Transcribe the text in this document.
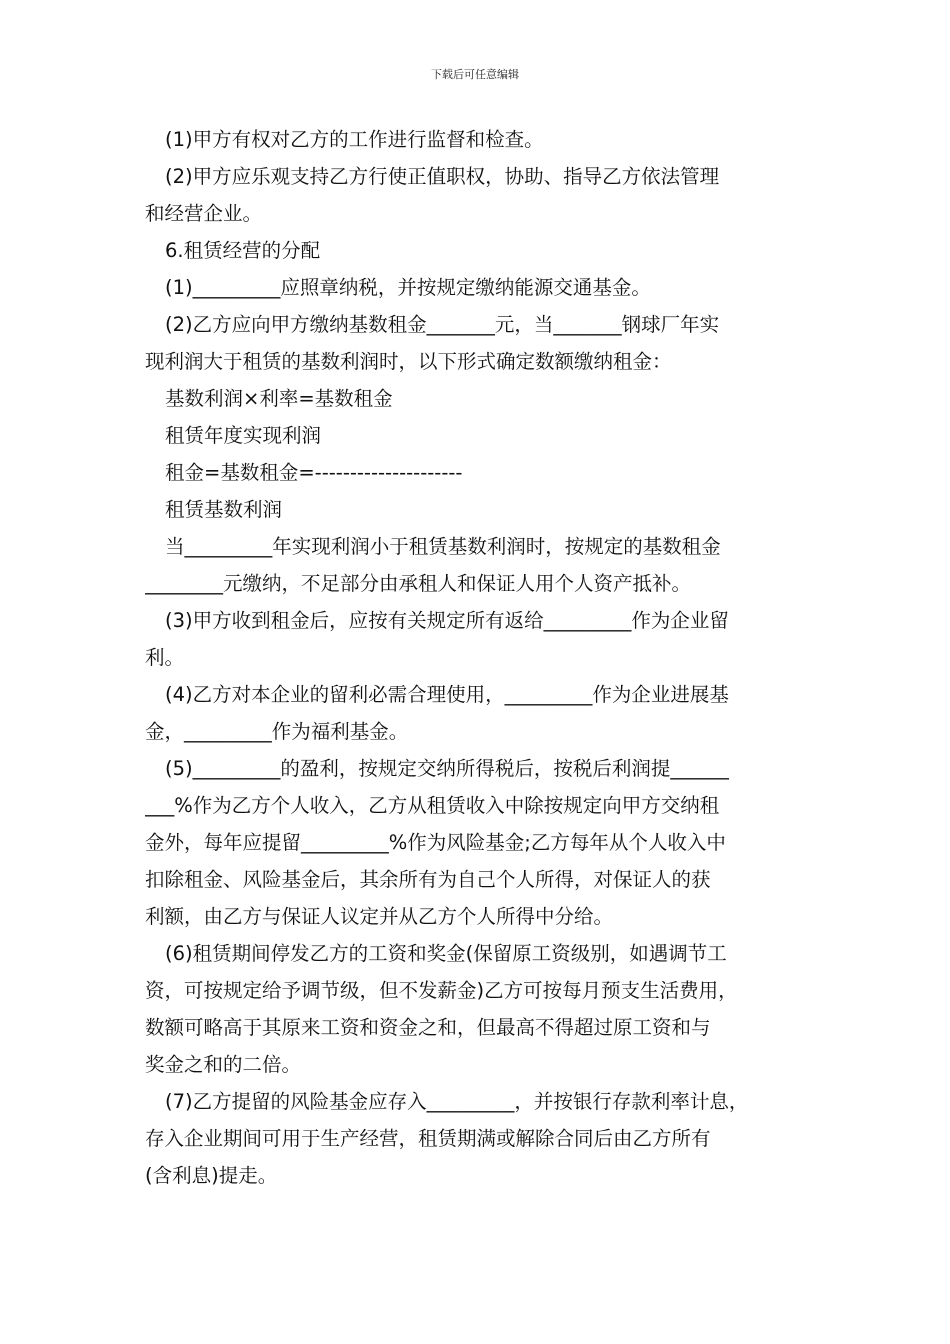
下载后可任意编辑

(1)甲方有权对乙方的工作进行监督和检查。

(2)甲方应乐观支持乙方行使正值职权，协助、指导乙方依法管理

和经营企业。

6.租赁经营的分配

(1)_________应照章纳税，并按规定缴纳能源交通基金。

(2)乙方应向甲方缴纳基数租金_______元，当_______钢球厂年实

现利润大于租赁的基数利润时，以下形式确定数额缴纳租金：

基数利润×利率=基数租金

租赁年度实现利润

租金=基数租金=---------------------

租赁基数利润

当_________年实现利润小于租赁基数利润时，按规定的基数租金

________元缴纳，不足部分由承租人和保证人用个人资产抵补。

(3)甲方收到租金后，应按有关规定所有返给_________作为企业留

利。

(4)乙方对本企业的留利必需合理使用，_________作为企业进展基

金，_________作为福利基金。

(5)_________的盈利，按规定交纳所得税后，按税后利润提______

___%作为乙方个人收入，乙方从租赁收入中除按规定向甲方交纳租

金外，每年应提留_________%作为风险基金;乙方每年从个人收入中

扣除租金、风险基金后，其余所有为自己个人所得，对保证人的获

利额，由乙方与保证人议定并从乙方个人所得中分给。

(6)租赁期间停发乙方的工资和奖金(保留原工资级别，如遇调节工

资，可按规定给予调节级，但不发薪金)乙方可按每月预支生活费用，

数额可略高于其原来工资和资金之和，但最高不得超过原工资和与

奖金之和的二倍。

(7)乙方提留的风险基金应存入_________，并按银行存款利率计息，

存入企业期间可用于生产经营，租赁期满或解除合同后由乙方所有

(含利息)提走。
